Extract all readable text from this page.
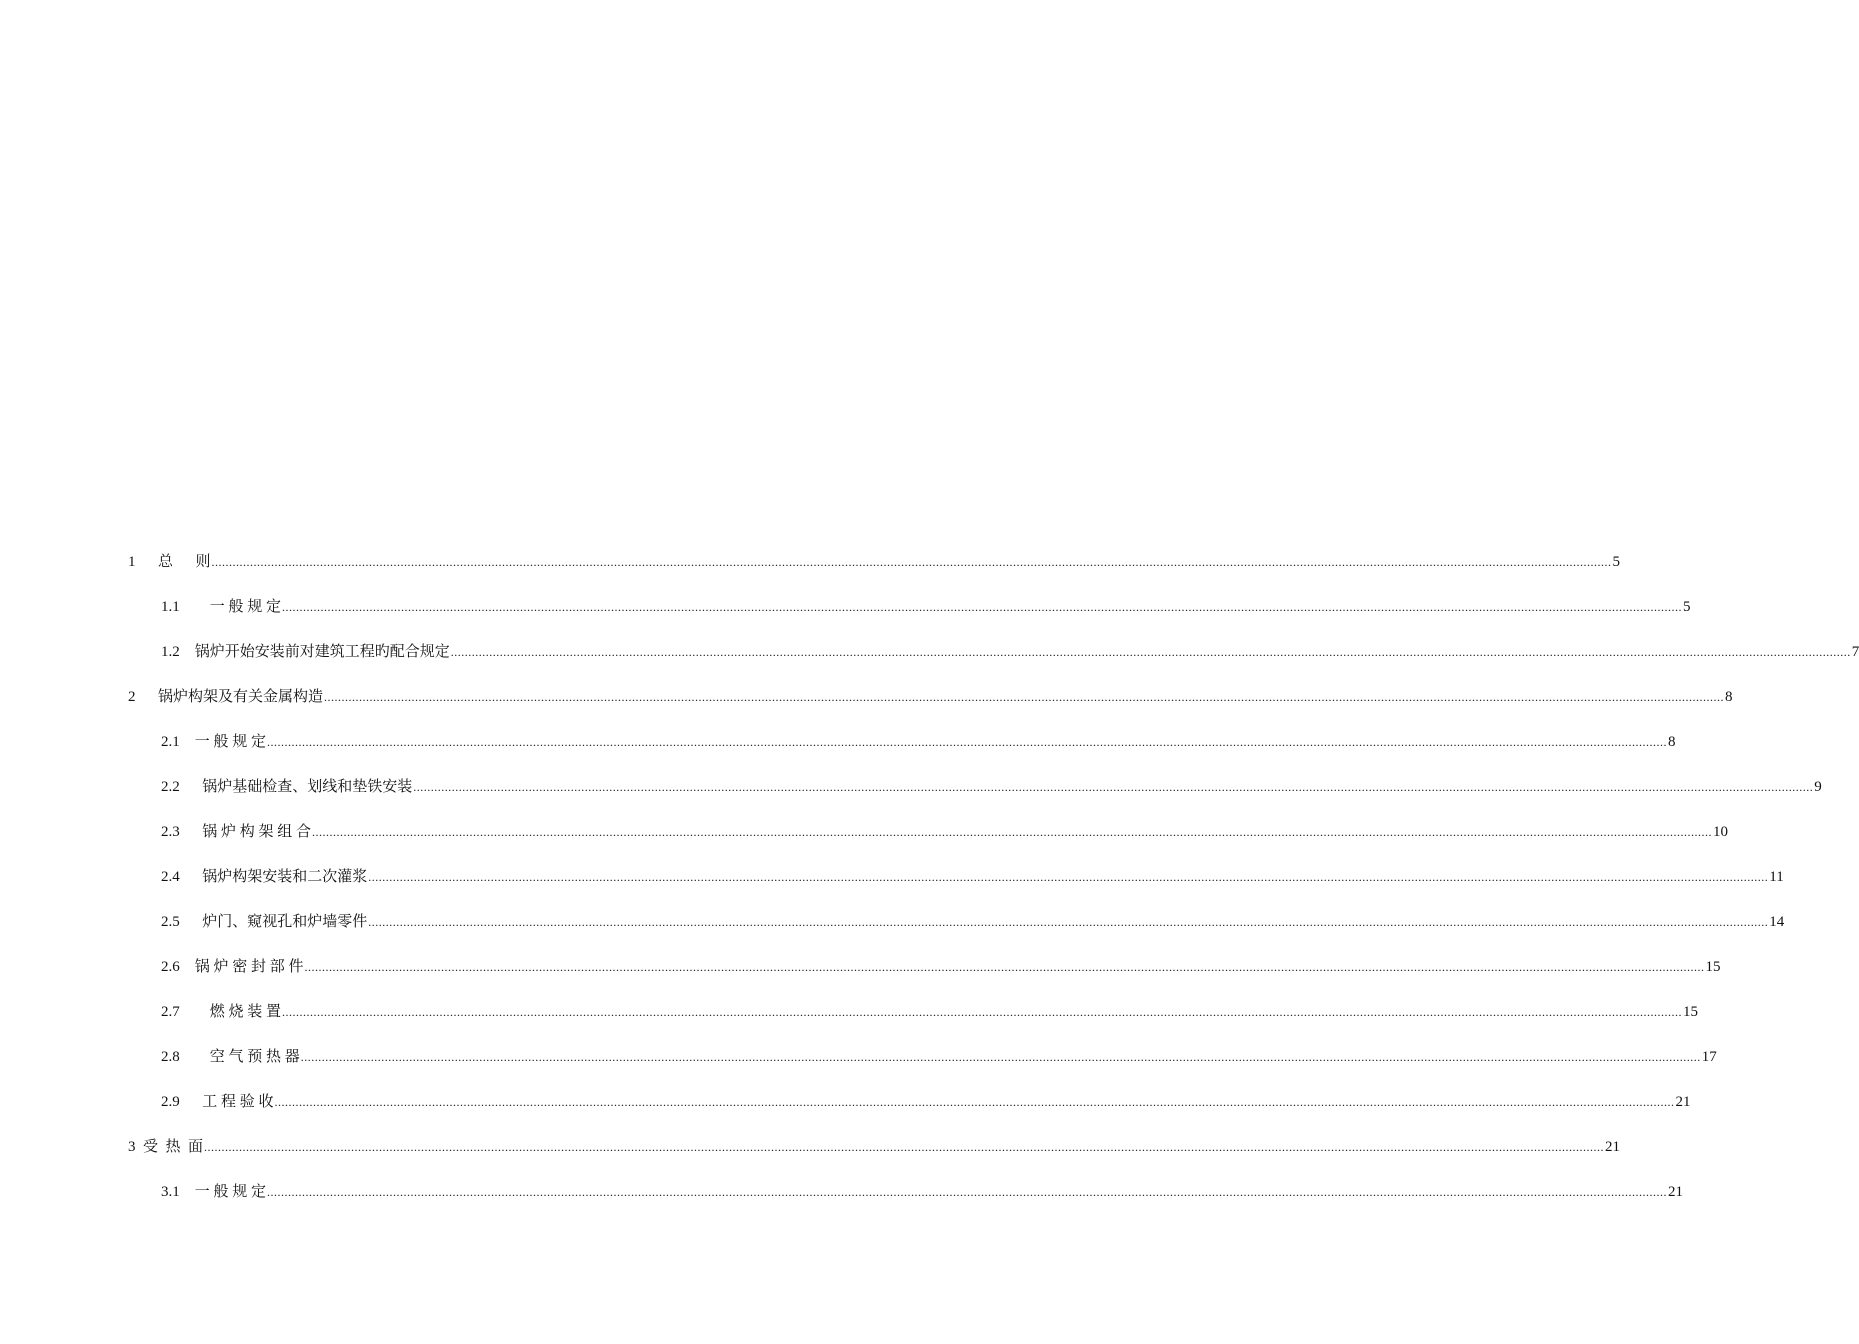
1
总      则 ................................................................................................................................................................................................................................................................................................................................................................................................................ 5
1.1
一 般 规 定 ................................................................................................................................................................................................................................................................................................................................................................................................................ 5
1.2
锅炉开始安装前对建筑工程旳配合规定 ................................................................................................................................................................................................................................................................................................................................................................................................................ 7
2
锅炉构架及有关金属构造 ................................................................................................................................................................................................................................................................................................................................................................................................................ 8
2.1
一 般 规 定 ................................................................................................................................................................................................................................................................................................................................................................................................................ 8
2.2
锅炉基础检查、划线和垫铁安装 ................................................................................................................................................................................................................................................................................................................................................................................................................ 9
2.3
锅 炉 构 架 组 合 ................................................................................................................................................................................................................................................................................................................................................................................................................ 10
2.4
锅炉构架安装和二次灌浆 ................................................................................................................................................................................................................................................................................................................................................................................................................ 11
2.5
炉门、窥视孔和炉墙零件 ................................................................................................................................................................................................................................................................................................................................................................................................................ 14
2.6
锅 炉 密 封 部 件 ................................................................................................................................................................................................................................................................................................................................................................................................................ 15
2.7
燃 烧 装 置 ................................................................................................................................................................................................................................................................................................................................................................................................................ 15
2.8
空 气 预 热 器 ................................................................................................................................................................................................................................................................................................................................................................................................................ 17
2.9
工 程 验 收 ................................................................................................................................................................................................................................................................................................................................................................................................................ 21
3
受  热  面 ................................................................................................................................................................................................................................................................................................................................................................................................................ 21
3.1
一 般 规 定 ................................................................................................................................................................................................................................................................................................................................................................................................................ 21
